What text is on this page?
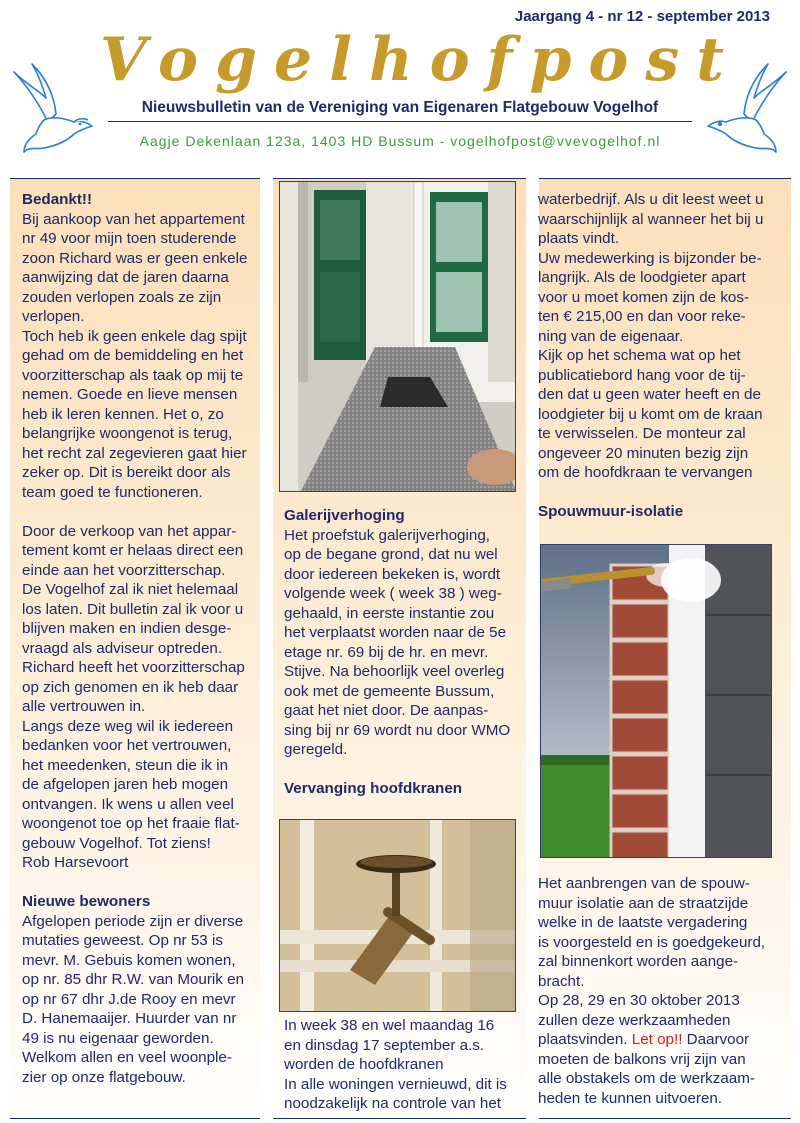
Jaargang 4 - nr 12 - september 2013
Vogelhofpost
Nieuwsbulletin van de Vereniging van Eigenaren Flatgebouw Vogelhof
Aagje Dekenlaan 123a, 1403 HD Bussum - vogelhofpost@vvevogelhof.nl

Bedankt!!

Bij aankoop van het appartement

nr 49 voor mijn toen studerende

zoon Richard was er geen enkele

aanwijzing dat de jaren daarna

zouden verlopen zoals ze zijn

verlopen.

Toch heb ik geen enkele dag spijt

gehad om de bemiddeling en het

voorzitterschap als taak op mij te

nemen. Goede en lieve mensen

heb ik leren kennen. Het o, zo

belangrijke woongenot is terug,

het recht zal zegevieren gaat hier

zeker op. Dit is bereikt door als

team goed te functioneren.

Door de verkoop van het appar-

tement komt er helaas direct een

einde aan het voorzitterschap.

De Vogelhof zal ik niet helemaal

los laten. Dit bulletin zal ik voor u

blijven maken en indien desge-

vraagd als adviseur optreden.

Richard heeft het voorzitterschap

op zich genomen en ik heb daar

alle vertrouwen in.

Langs deze weg wil ik iedereen

bedanken voor het vertrouwen,

het meedenken, steun die ik in

de afgelopen jaren heb mogen

ontvangen. Ik wens u allen veel

woongenot toe op het fraaie flat-

gebouw Vogelhof. Tot ziens!

Rob Harsevoort

Nieuwe bewoners

Afgelopen periode zijn er diverse

mutaties geweest. Op nr 53 is

mevr. M. Gebuis komen wonen,

op nr. 85 dhr R.W. van Mourik en

op nr 67 dhr J.de Rooy en mevr

D. Hanemaaijer. Huurder van nr

49 is nu eigenaar geworden.

Welkom allen en veel woonple-

zier op onze flatgebouw.

Galerijverhoging

Het proefstuk galerijverhoging,

op de begane grond, dat nu wel

door iedereen bekeken is, wordt

volgende week ( week 38 ) weg-

gehaald, in eerste instantie zou

het verplaatst worden naar de 5e

etage nr. 69 bij de hr. en mevr.

Stijve. Na behoorlijk veel overleg

ook met de gemeente Bussum,

gaat het niet door. De aanpas-

sing bij nr 69 wordt nu door WMO

geregeld.

Vervanging hoofdkranen

In week 38 en wel maandag 16

en dinsdag 17 september a.s.

worden de hoofdkranen

In alle woningen vernieuwd, dit is

noodzakelijk na controle van het

waterbedrijf. Als u dit leest weet u

waarschijnlijk al wanneer het bij u

plaats vindt.

Uw medewerking is bijzonder be-

langrijk. Als de loodgieter apart

voor u moet komen zijn de kos-

ten € 215,00 en dan voor reke-

ning van de eigenaar.

Kijk op het schema wat op het

publicatiebord hang voor de tij-

den dat u geen water heeft en de

loodgieter bij u komt om de kraan

te verwisselen. De monteur zal

ongeveer 20 minuten bezig zijn

om de hoofdkraan te vervangen

Spouwmuur-isolatie

Het aanbrengen van de spouw-

muur isolatie aan de straatzijde

welke in de laatste vergadering

is voorgesteld en is goedgekeurd,

zal binnenkort worden aange-

bracht.

Op 28, 29 en 30 oktober 2013

zullen deze werkzaamheden

plaatsvinden. Let op!! Daarvoor

moeten de balkons vrij zijn van

alle obstakels om de werkzaam-

heden te kunnen uitvoeren.
